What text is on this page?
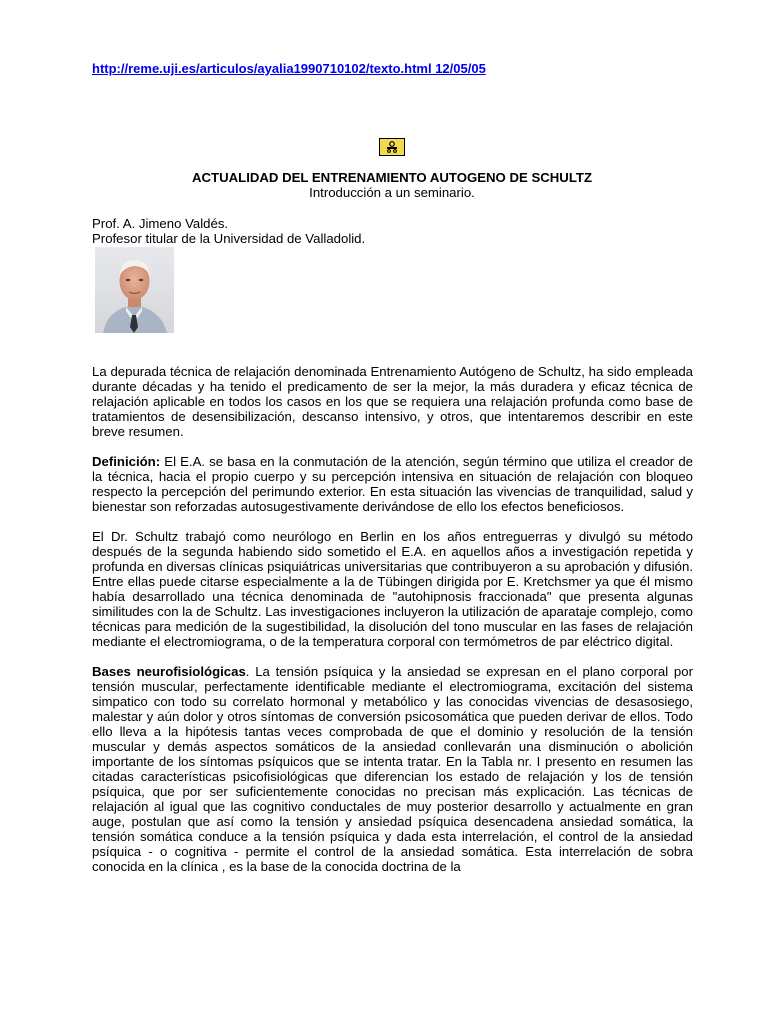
http://reme.uji.es/articulos/ayalia1990710102/texto.html 12/05/05
ACTUALIDAD DEL ENTRENAMIENTO AUTOGENO DE SCHULTZ
Introducción a un seminario.
Prof. A. Jimeno Valdés.
Profesor titular de la Universidad de Valladolid.

La depurada técnica de relajación denominada Entrenamiento Autógeno de Schultz, ha sido empleada durante décadas y ha tenido el predicamento de ser la mejor, la más duradera y eficaz técnica de relajación aplicable en todos los casos en los que se requiera una relajación profunda como base de tratamientos de desensibilización, descanso intensivo, y otros, que intentaremos describir en este breve resumen.

Definición: El E.A. se basa en la conmutación de la atención, según término que utiliza el creador de la técnica, hacia el propio cuerpo y su percepción intensiva en situación de relajación con bloqueo respecto la percepción del perimundo exterior. En esta situación las vivencias de tranquilidad, salud y bienestar son reforzadas autosugestivamente derivándose de ello los efectos beneficiosos.

El Dr. Schultz trabajó como neurólogo en Berlin en los años entreguerras y divulgó su método después de la segunda habiendo sido sometido el E.A. en aquellos años a investigación repetida y profunda en diversas clínicas psiquiátricas universitarias que contribuyeron a su aprobación y difusión. Entre ellas puede citarse especialmente a la de Tübingen dirigida por E. Kretchsmer ya que él mismo había desarrollado una técnica denominada de "autohipnosis fraccionada" que presenta algunas similitudes con la de Schultz. Las investigaciones incluyeron la utilización de aparataje complejo, como técnicas para medición de la sugestibilidad, la disolución del tono muscular en las fases de relajación mediante el electromiograma, o de la temperatura corporal con termómetros de par eléctrico digital.

Bases neurofisiológicas. La tensión psíquica y la ansiedad se expresan en el plano corporal por tensión muscular, perfectamente identificable mediante el electromiograma, excitación del sistema simpatico con todo su correlato hormonal y metabólico y las conocidas vivencias de desasosiego, malestar y aún dolor y otros síntomas de conversión psicosomática que pueden derivar de ellos. Todo ello lleva a la hipótesis tantas veces comprobada de que el dominio y resolución de la tensión muscular y demás aspectos somáticos de la ansiedad conllevarán una disminución o abolición importante de los síntomas psíquicos que se intenta tratar. En la Tabla nr. I presento en resumen las citadas características psicofisiológicas que diferencian los estado de relajación y los de tensión psíquica, que por ser suficientemente conocidas no precisan más explicación. Las técnicas de relajación al igual que las cognitivo conductales de muy posterior desarrollo y actualmente en gran auge, postulan que así como la tensión y ansiedad psíquica desencadena ansiedad somática, la tensión somática conduce a la tensión psíquica y dada esta interrelación, el control de la ansiedad psíquica - o cognitiva - permite el control de la ansiedad somática. Esta interrelación de sobra conocida en la clínica , es la base de la conocida doctrina de la
